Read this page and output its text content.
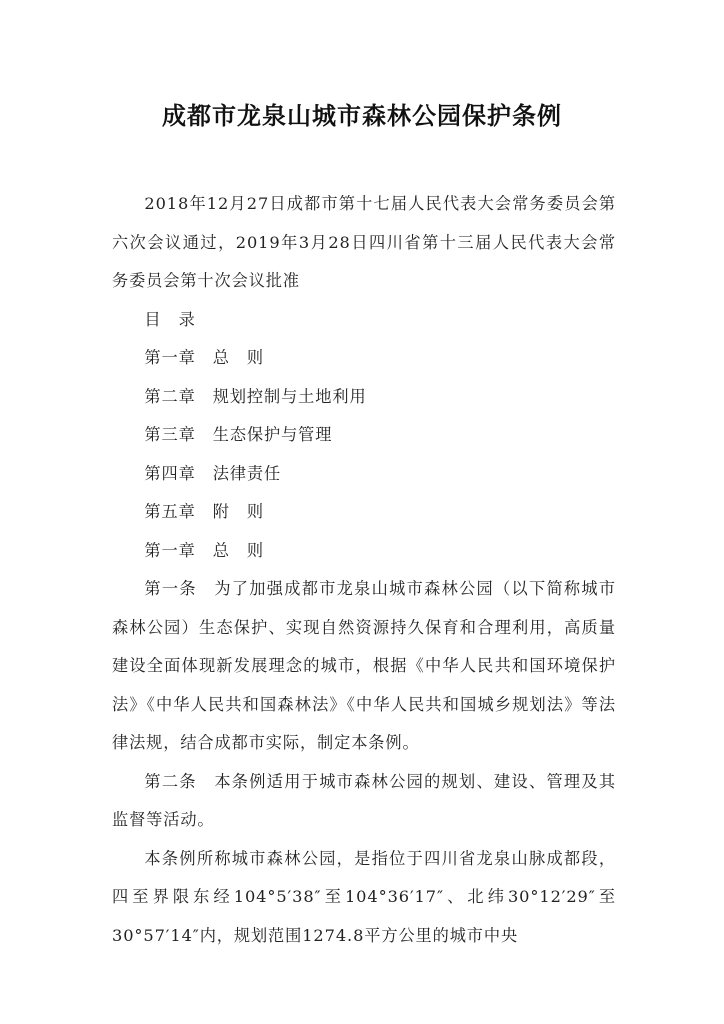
成都市龙泉山城市森林公园保护条例

2018年12月27日成都市第十七届人民代表大会常务委员会第六次会议通过，2019年3月28日四川省第十三届人民代表大会常务委员会第十次会议批准

目　录

第一章　总　则

第二章　规划控制与土地利用

第三章　生态保护与管理

第四章　法律责任

第五章　附　则

第一章　总　则

第一条　为了加强成都市龙泉山城市森林公园（以下简称城市森林公园）生态保护、实现自然资源持久保育和合理利用，高质量建设全面体现新发展理念的城市，根据《中华人民共和国环境保护法》《中华人民共和国森林法》《中华人民共和国城乡规划法》等法律法规，结合成都市实际，制定本条例。

第二条　本条例适用于城市森林公园的规划、建设、管理及其监督等活动。

本条例所称城市森林公园，是指位于四川省龙泉山脉成都段，四至界限东经104°5′38″至104°36′17″、北纬30°12′29″至30°57′14″内，规划范围1274.8平方公里的城市中央
